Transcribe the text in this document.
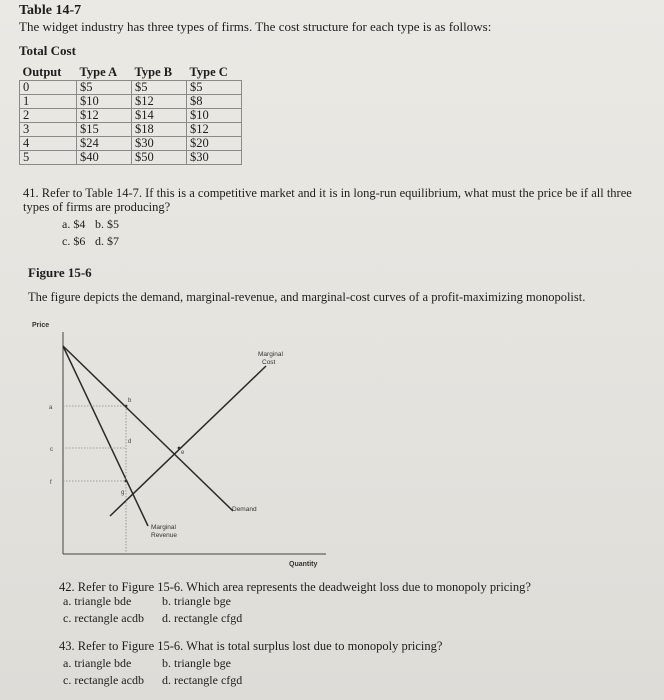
Table 14-7
The widget industry has three types of firms. The cost structure for each type is as follows:
Total Cost
Output	Type A	Type B	Type C
0	$5	$5	$5
1	$10	$12	$8
2	$12	$14	$10
3	$15	$18	$12
4	$24	$30	$20
5	$40	$50	$30
41. Refer to Table 14-7. If this is a competitive market and it is in long-run equilibrium, what must the price be if all three
types of firms are producing?
a. $4 b. $5
c. $6 d. $7
Figure 15-6
The figure depicts the demand, marginal-revenue, and marginal-cost curves of a profit-maximizing monopolist.
Price
a
b
c
d
e
f
g
Marginal
Cost
Demand
Marginal
Revenue
Quantity
42. Refer to Figure 15-6. Which area represents the deadweight loss due to monopoly pricing?
a. triangle bde	b. triangle bge
c. rectangle acdb d. rectangle cfgd
43. Refer to Figure 15-6. What is total surplus lost due to monopoly pricing?
a. triangle bde	b. triangle bge
c. rectangle acdb d. rectangle cfgd
